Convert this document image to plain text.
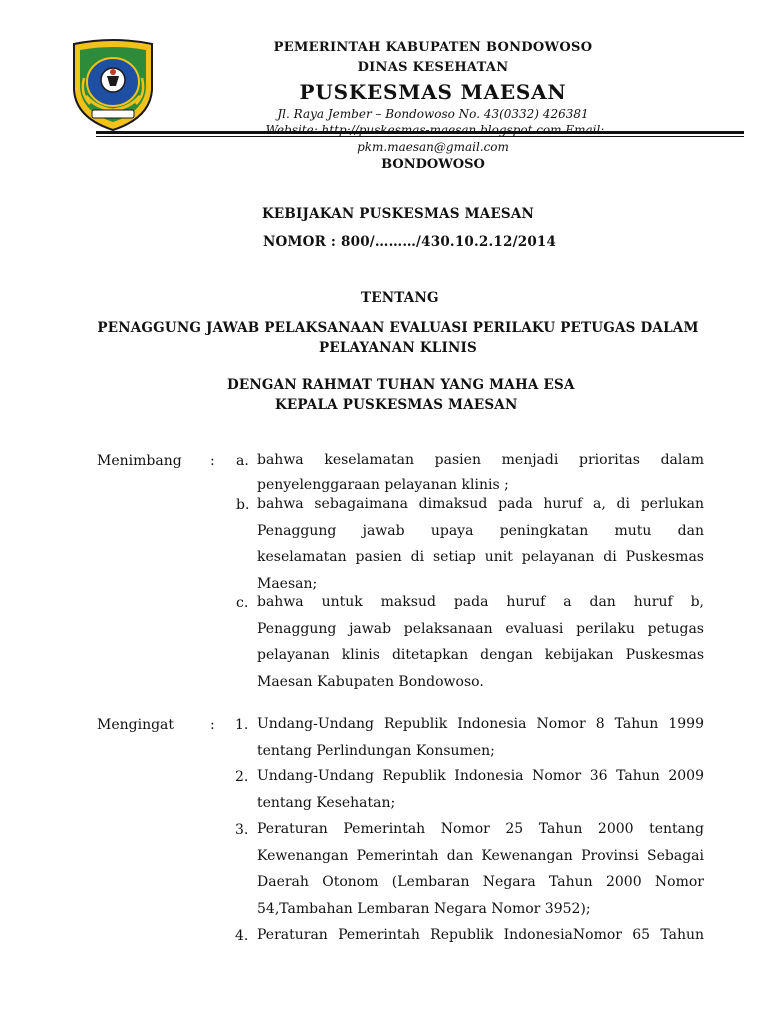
PEMERINTAH KABUPATEN BONDOWOSO
DINAS KESEHATAN
PUSKESMAS MAESAN
Jl. Raya Jember – Bondowoso No. 43(0332) 426381
Website: http://puskesmas-maesan.blogspot.com Email:
pkm.maesan@gmail.com
BONDOWOSO
KEBIJAKAN PUSKESMAS MAESAN
NOMOR : 800/………/430.10.2.12/2014
TENTANG
PENAGGUNG JAWAB PELAKSANAAN EVALUASI PERILAKU PETUGAS DALAM
PELAYANAN KLINIS
DENGAN RAHMAT TUHAN YANG MAHA ESA
KEPALA PUSKESMAS MAESAN
Menimbang : a. bahwa keselamatan pasien menjadi prioritas dalam
penyelenggaraan pelayanan klinis ;
b. bahwa sebagaimana dimaksud pada huruf a, di perlukan
Penaggung jawab upaya peningkatan mutu dan
keselamatan pasien di setiap unit pelayanan di Puskesmas
Maesan;
c. bahwa untuk maksud pada huruf a dan huruf b,
Penaggung jawab pelaksanaan evaluasi perilaku petugas
pelayanan klinis ditetapkan dengan kebijakan Puskesmas
Maesan Kabupaten Bondowoso.
Mengingat	: 1. Undang-Undang Republik Indonesia Nomor 8 Tahun 1999
tentang Perlindungan Konsumen;
2. Undang-Undang Republik Indonesia Nomor 36 Tahun 2009
tentang Kesehatan;
3. Peraturan Pemerintah Nomor 25 Tahun 2000 tentang
Kewenangan Pemerintah dan Kewenangan Provinsi Sebagai
Daerah Otonom (Lembaran Negara Tahun 2000 Nomor
54,Tambahan Lembaran Negara Nomor 3952);
4. Peraturan Pemerintah Republik IndonesiaNomor 65 Tahun
